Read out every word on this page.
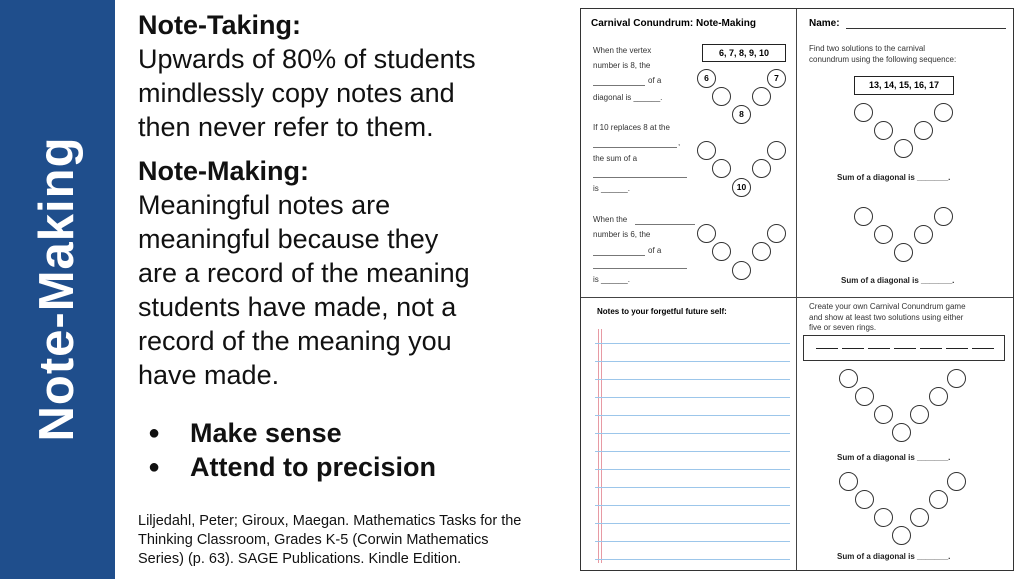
Note-Making
Note-Taking:
Upwards of 80% of students
mindlessly copy notes and
then never refer to them.
Note-Making:
Meaningful notes are
meaningful because they
are a record of the meaning
students have made, not a
record of the meaning you
have made.
● Make sense
● Attend to precision
Liljedahl, Peter; Giroux, Maegan. Mathematics Tasks for the
Thinking Classroom, Grades K-5 (Corwin Mathematics
Series) (p. 63). SAGE Publications. Kindle Edition.
Carnival Conundrum: Note-Making	Name:
When the vertex
number is 8, the
of a
diagonal is ______.
6, 7, 8, 9, 10
6
8
7
If 10 replaces 8 at the
,
the sum of a
is ______.	10
When the
number is 6, the
of a
is ______.
Find two solutions to the carnival
conundrum using the following sequence:
13, 14, 15, 16, 17
Sum of a diagonal is _______.
Sum of a diagonal is _______.
Notes to your forgetful future self:
Create your own Carnival Conundrum game
and show at least two solutions using either
five or seven rings.
Sum of a diagonal is _______.
Sum of a diagonal is _______.
